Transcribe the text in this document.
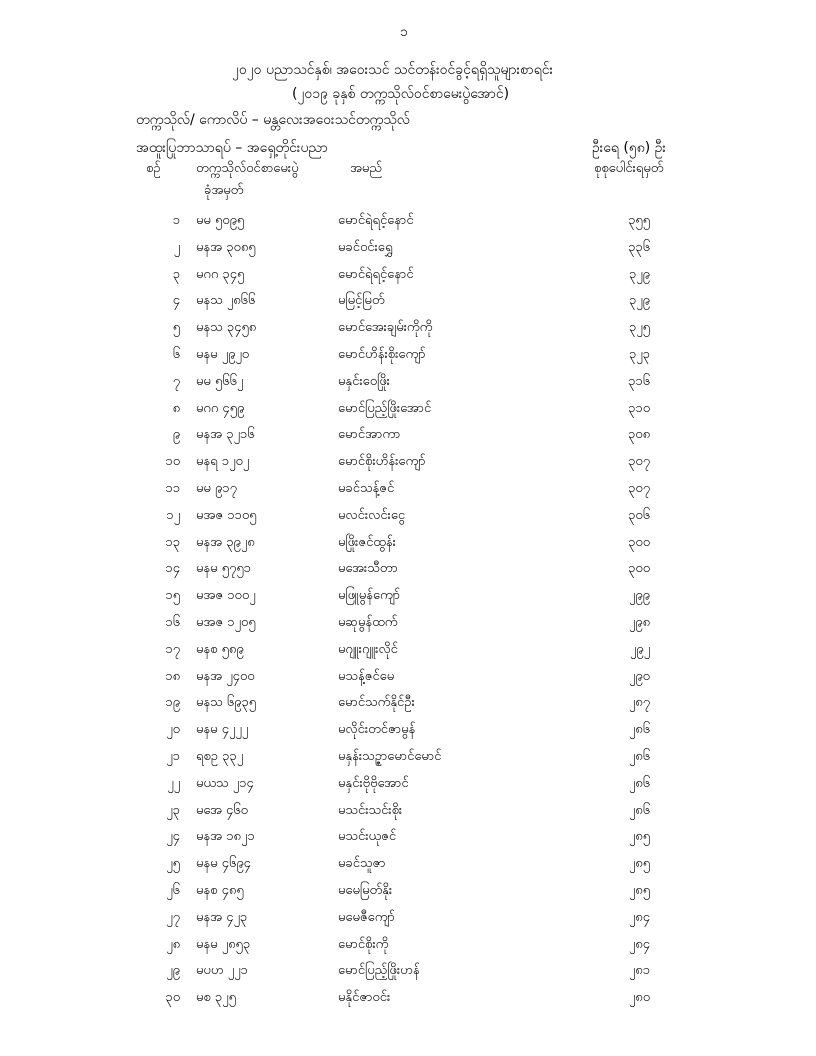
၁
၂၀၂၀ ပညာသင်နှစ်၊ အဝေးသင် သင်တန်းဝင်ခွင့်ရရှိသူများစာရင်း
(၂၀၁၉ ခုနှစ် တက္ကသိုလ်ဝင်စာမေးပွဲအောင်)
တက္ကသိုလ်/ ကောလိပ် – မန္တလေးအဝေးသင်တက္ကသိုလ်
အထူးပြုဘာသာရပ် – အရှေ့တိုင်းပညာ	ဦးရေ (၅၈) ဦး
စဉ်	တက္ကသိုလ်ဝင်စာမေးပွဲ
ခုံအမှတ်
အမည်	စုစုပေါင်းရမှတ်
၁ မမ ၅၀၉၅	မောင်ရဲရင့်နောင်	၃၅၅
၂ မနအ ၃၀၈၅	မခင်ဝင်းရွှေ	၃၃၆
၃ မဂဂ ၃၄၅	မောင်ရဲရင့်နောင်	၃၂၉
၄ မနသ ၂၈၆၆	မမြင့်မြတ်	၃၂၉
၅ မနသ ၃၄၅၈	မောင်အေးချမ်းကိုကို	၃၂၅
၆ မနမ ၂၉၂၀	မောင်ဟိန်းစိုးကျော်	၃၂၃
၇ မမ ၅၆၆၂	မနှင်းဝေဖြိုး	၃၁၆
၈ မဂဂ ၄၅၉	မောင်ပြည့်ဖြိုးအောင်	၃၁၀
၉ မနအ ၃၂၁၆	မောင်အာကာ	၃၀၈
၁၀ မနရ ၁၂၀၂	မောင်စိုးဟိန်းကျော်	၃၀၇
၁၁ မမ ၉၁၇	မခင်သန့်ဇင်	၃၀၇
၁၂ မအဇ ၁၁၀၅	မလင်းလင်းငွေ	၃၀၆
၁၃ မနအ ၃၉၂၈	မဖြိုးဇင်ထွန်း	၃၀၀
၁၄ မနမ ၅၇၅၁	မအေးသီတာ	၃၀၀
၁၅ မအဇ ၁၀၀၂	မဖြူမွန်ကျော်	၂၉၉
၁၆ မအဇ ၁၂၀၅	မဆုမွန်ထက်	၂၉၈
၁၇ မနစ ၅၈၉	မဂျူးဂျူးလိုင်	၂၉၂
၁၈ မနအ ၂၄၀၀	မသန့်ဇင်မေ	၂၉၀
၁၉ မနသ ၆၉၃၅	မောင်သက်နိုင်ဦး	၂၈၇
၂၀ မနမ ၄၂၂၂	မလိုင်းတင်ဇာမွန်	၂၈၆
၂၁ ရစဥ ၃၃၂	မနှန်းသဉ္ဇာမောင်မောင်	၂၈၆
၂၂ မယသ ၂၁၄	မနှင်းဗိုဗိုအောင်	၂၈၆
၂၃ မအေ ၄၆၀	မသင်းသင်းစိုး	၂၈၆
၂၄ မနအ ၁၈၂၁	မသင်းယုဇင်	၂၈၅
၂၅ မနမ ၄၆၉၄	မခင်သူဇာ	၂၈၅
၂၆ မနစ ၄၈၅	မမေမြတ်နိုး	၂၈၅
၂၇ မနအ ၄၂၃	မမေဇီကျော်	၂၈၄
၂၈ မနမ ၂၈၅၃	မောင်စိုးကို	၂၈၄
၂၉ မပဟ ၂၂၁	မောင်ပြည့်ဖြိုးဟန်	၂၈၁
၃၀ မစ ၃၂၅	မနိုင်ဇာဝင်း	၂၈၀
